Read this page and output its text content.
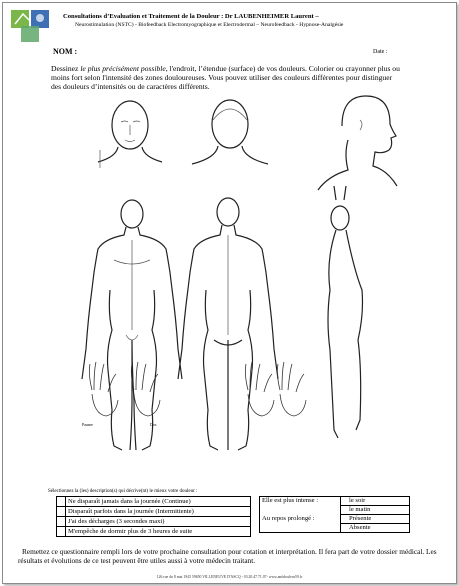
Consultations d’Evaluation et Traitement de la Douleur : Dr LAUBENHEIMER Laurent –
Neurostimulation (NSTC) - Biofeedback Electromyographique et Electrodermal – Neurofeedback - Hypnose-Analgésie
NOM :	Date :
Dessinez le plus précisément possible, l'endroit, l’étendue (surface) de vos douleurs. Colorier ou crayonner plus ou moins fort selon l'intensité des zones douloureuses. Vous pouvez utiliser des couleurs différentes pour distinguer des douleurs d’intensités ou de caractères différents.
Paume	Dos
Sélectionnez la (les) description(s) qui décrive(nt) le mieux votre douleur :
	Ne disparaît jamais dans la journée (Continue)
	Disparaît parfois dans la journée (Intermittente)
	J'ai des décharges (3 secondes maxi)
	M'empêche de dormir plus de 3 heures de suite
Elle est plus intense :	le soir
	le matin
Au repos prolongé :	Présente
	Absente
Remettez ce questionnaire rempli lors de votre prochaine consultation pour cotation et interprétation. Il fera part de votre dossier médical. Les résultats et évolutions de ce test peuvent être utiles aussi à votre médecin traitant.
126 rue du 8 mai 1945 59650 VILLENEUVE D'ASCQ - 03.20.47.71.07- www.antidouleur59.fr
